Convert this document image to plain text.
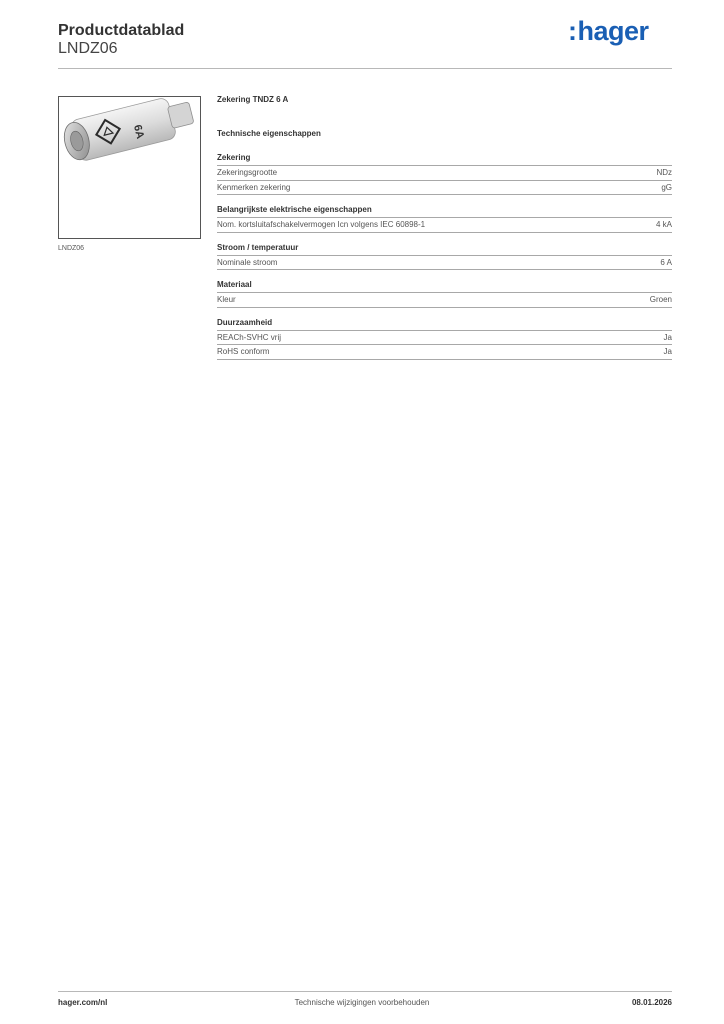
Productdatablad
LNDZ06
:hager
6A
LNDZ06
Zekering TNDZ 6 A
Technische eigenschappen
Zekering
Zekeringsgrootte	NDz
Kenmerken zekering	gG
Belangrijkste elektrische eigenschappen
Nom. kortsluitafschakelvermogen Icn volgens IEC 60898-1	4 kA
Stroom / temperatuur
Nominale stroom	6 A
Materiaal
Kleur	Groen
Duurzaamheid
REACh-SVHC vrij	Ja
RoHS conform	Ja
hager.com/nl	Technische wijzigingen voorbehouden	08.01.2026
